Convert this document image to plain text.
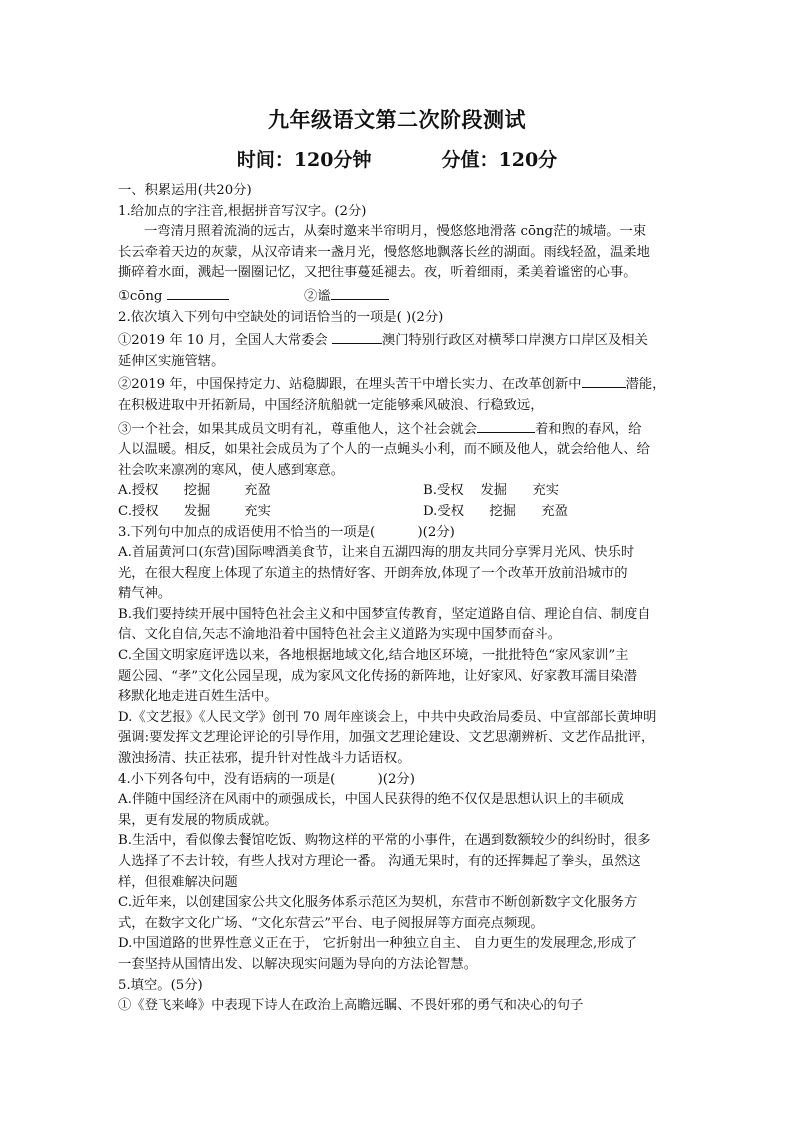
九年级语文第二次阶段测试
时间：120分钟	分值：120分

一、积累运用(共20分)

1.给加点的字注音,根据拼音写汉字。(2分)

一弯清月照着流淌的远古，从秦时邀来半帘明月，慢悠悠地滑落 cōng茫的城墙。一束

长云牵着天边的灰蒙，从汉帝请来一盏月光，慢悠悠地飘落长丝的湖面。雨线轻盈，温柔地

撕碎着水面，溅起一圈圈记忆，又把往事蔓延褪去。夜，听着细雨，柔美着谧密的心事。

①cōng	②谧

2.依次填入下列句中空缺处的词语恰当的一项是( )(2分)

①2019 年 10 月，全国人大常委会	澳门特别行政区对横琴口岸澳方口岸区及相关

延伸区实施管辖。

②2019 年，中国保持定力、站稳脚跟，在埋头苦干中增长实力、在改革创新中	潜能，

在积极进取中开拓新局，中国经济航船就一定能够乘风破浪、行稳致远，

③一个社会，如果其成员文明有礼，尊重他人，这个社会就会	着和煦的春风，给

人以温暖。相反，如果社会成员为了个人的一点蝇头小利，而不顾及他人，就会给他人、给

社会吹来凛冽的寒风，使人感到寒意。

A.授权      挖掘        充盈	B.受权    发掘      充实
C.授权      发掘        充实	D.受权      挖掘      充盈

3.下列句中加点的成语使用不恰当的一项是(          )(2分)

A.首届黄河口(东营)国际啤酒美食节，让来自五湖四海的朋友共同分享霁月光风、快乐时

光，在很大程度上体现了东道主的热情好客、开朗奔放,体现了一个改革开放前沿城市的

精气神。

B.我们要持续开展中国特色社会主义和中国梦宣传教育，坚定道路自信、理论自信、制度自

信、文化自信,矢志不渝地沿着中国特色社会主义道路为实现中国梦而奋斗。

C.全国文明家庭评选以来，各地根据地域文化,结合地区环境，一批批特色“家风家训”主

题公园、“孝”文化公园呈现，成为家风文化传扬的新阵地，让好家风、好家教耳濡目染潜

移默化地走进百姓生活中。

D.《文艺报》《人民文学》创刊 70 周年座谈会上，中共中央政治局委员、中宣部部长黄坤明

强调:要发挥文艺理论评论的引导作用，加强文艺理论建设、文艺思潮辨析、文艺作品批评，

激浊扬清、扶正祛邪，提升针对性战斗力话语权。

4.小下列各句中，没有语病的一项是(          )(2分)

A.伴随中国经济在风雨中的顽强成长，中国人民获得的绝不仅仅是思想认识上的丰硕成

果，更有发展的物质成就。

B.生活中，看似像去餐馆吃饭、购物这样的平常的小事件，在遇到数额较少的纠纷时，很多

人选择了不去计较，有些人找对方理论一番。 沟通无果时，有的还挥舞起了拳头，虽然这

样，但很难解决问题

C.近年来，以创建国家公共文化服务体系示范区为契机，东营市不断创新数字文化服务方

式，在数字文化广场、“文化东营云”平台、电子阅报屏等方面亮点频现。

D.中国道路的世界性意义正在于， 它折射出一种独立自主、 自力更生的发展理念,形成了

一套坚持从国情出发、以解决现实问题为导向的方法论智慧。

5.填空。(5分)

①《登飞来峰》中表现下诗人在政治上高瞻远瞩、不畏奸邪的勇气和决心的句子
